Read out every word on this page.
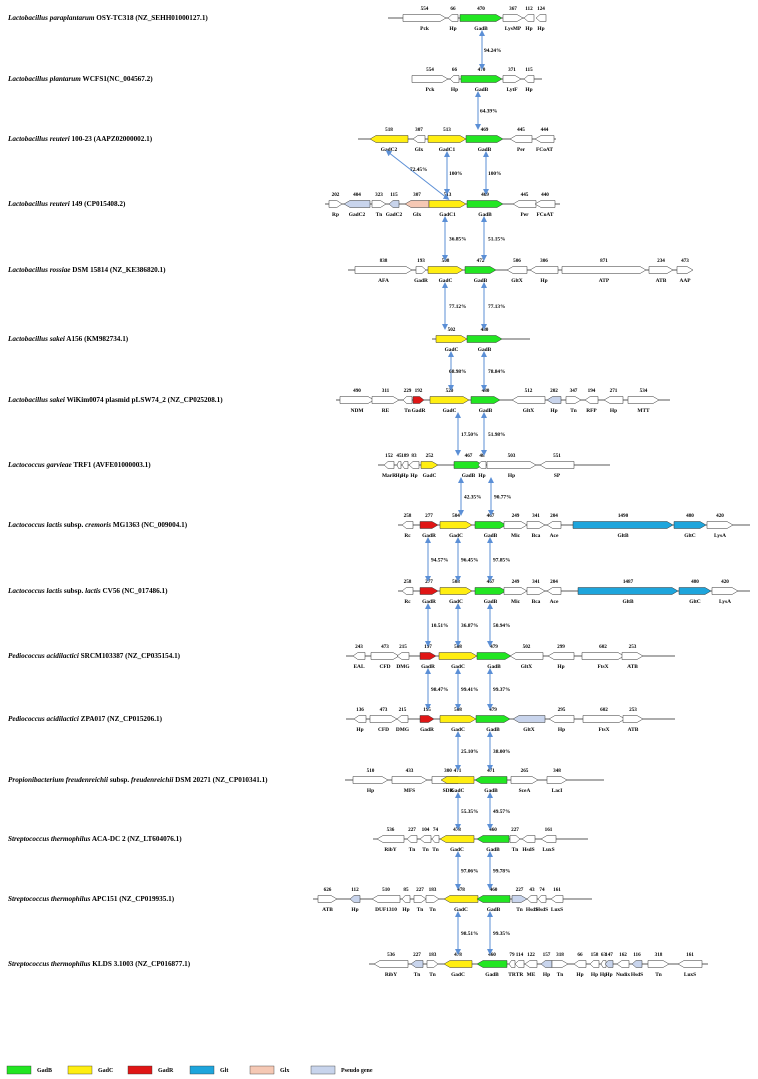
Lactobacillus paraplantarum OSY-TC318 (NZ_SEHH01000127.1)
554
Pck
66
Hp
470
GadB
367
LysMP
112
Hp
124
Hp
Lactobacillus plantarum WCFS1(NC_004567.2)
554
Pck
66
Hp
470
GadB
371
LytF
115
Hp
Lactobacillus reuteri 100-23 (AAPZ02000002.1)
518
GadC2
307
Glx
513
GadC1
469
GadB
445
Per
444
FCoAT
Lactobacillus reuteri 149 (CP015408.2)
202
Rp
404
GadC2
323
Tn
115
GadC2
307
Glx
513
GadC1
469
GadB
445
Per
440
FCoAT
Lactobacillus rossiae DSM 15814 (NZ_KE386820.1)
838
AFA
193
GadR
508
GadC
472
GadB
506
GltX
306
Hp
871
ATP
234
ATB
473
AAP
Lactobacillus sakei A156 (KM982734.1)
502
GadC
480
GadB
Lactobacillus sakei WiKim0074 plasmid pLSW74_2 (NZ_CP025208.1)
490
NDM
311
RE
229
Tn
192
GadR
520
GadC
480
GadB
512
GltX
202
Hp
347
Tn
194
RFP
271
Hp
534
MTT
Lactococcus garvieae TRF1 (AVFE01000003.1)
152
MarR
45
Hp
189
Hp
83
Hp
252
GadC
467
GadB
48
Hp
503
Hp
551
SP
Lactococcus lactis subsp. cremoris MG1363 (NC_009004.1)
258
Rc
277
GadR
504
GadC
467
GadB
249
Mic
341
Bca
204
Ace
1490
GltB
480
GltC
420
LysA
Lactococcus lactis subsp. lactis CV56 (NC_017486.1)
258
Rc
277
GadR
508
GadC
467
GadB
249
Mic
341
Bca
204
Ace
1487
GltB
480
GltC
420
LysA
Pediococcus acidilactici SRCM103387 (NZ_CP035154.1)
243
EAL
473
CFD
215
DMG
197
GadR
508
GadC
479
GadB
502
GltX
299
Hp
602
FtsX
253
ATB
Pediococcus acidilactici ZPA017 (NZ_CP015206.1)
136
Hp
473
CFD
215
DMG
195
GadR
508
GadC
479
GadB	GltX
295
Hp
602
FtsX
253
ATB
Propionibacterium freudenreichii subsp. freudenreichii DSM 20271 (NZ_CP010341.1)
510
Hp
433
MFS
300
SDR
471
GadC
471
GadB
265
SceA
348
LacI
Streptococcus thermophilus ACA-DC 2 (NZ_LT604076.1)
536
RibY
227
Tn
104
Tn
74
Tn
478
GadC
460
GadB
227
Tn HsdS
161
LuxS
Streptococcus thermophilus APC151 (NZ_CP019935.1)
626
ATB
112
Hp
510
DUF1310
85
Hp
227
Tn
183
Tn
478
GadC
460
GadB
227
Tn
43
HsdS
74
HsdS
161
LuxS
Streptococcus thermophilus KLDS 3.1003 (NZ_CP016877.1)
536
RibY
227
Tn
183
Tn
478
GadC
460
GadB
79
TR
114
TR
122
ME
157
Hp
318
Tn
66
Hp
158
Hp
63
Hp
147
Hp
162
Nudix
116
HsdS
318
Tn
161
LuxS
94.24%
64.39%
72.45%
100%	100%
36.85%	51.15%
77.12%	77.13%
68.98%	78.84%
17.50% 51.98%
42.35% 90.77%
94.57% 96.45%	97.85%
10.51% 36.87%	50.94%
98.47% 99.41%	99.37%
25.10%	38.00%
55.35%	49.57%
97.06%	99.78%
98.51%	99.35%
GadB	GadC	GadR	Glt	Glx	Pseudo gene
